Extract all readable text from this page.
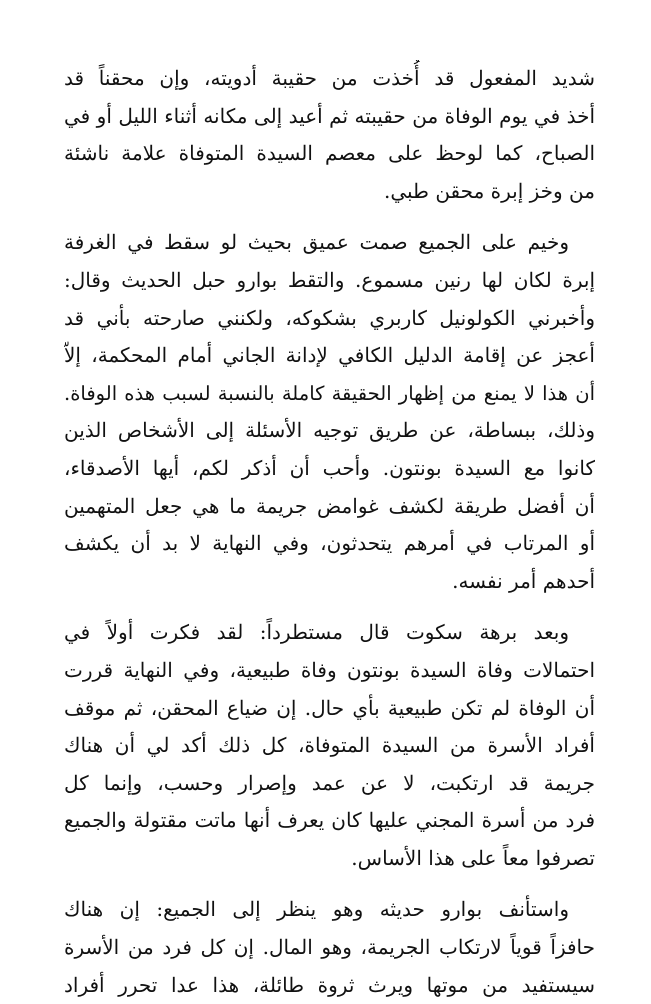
شديد المفعول قد أُخذت من حقيبة أدويته، وإن محقناً قد
أخذ في يوم الوفاة من حقيبته ثم أعيد إلى مكانه أثناء الليل أو في
الصباح، كما لوحظ على معصم السيدة المتوفاة علامة ناشئة
من وخز إبرة محقن طبي.

وخيم على الجميع صمت عميق بحيث لو سقط في الغرفة
إبرة لكان لها رنين مسموع. والتقط بوارو حبل الحديث وقال:
وأخبرني الكولونيل كاربري بشكوكه، ولكنني صارحته بأني قد
أعجز عن إقامة الدليل الكافي لإدانة الجاني أمام المحكمة، إلاّ
أن هذا لا يمنع من إظهار الحقيقة كاملة بالنسبة لسبب هذه الوفاة.
وذلك، ببساطة، عن طريق توجيه الأسئلة إلى الأشخاص الذين
كانوا مع السيدة بونتون. وأحب أن أذكر لكم، أيها الأصدقاء،
أن أفضل طريقة لكشف غوامض جريمة ما هي جعل المتهمين
أو المرتاب في أمرهم يتحدثون، وفي النهاية لا بد أن يكشف
أحدهم أمر نفسه.

وبعد برهة سكوت قال مستطرداً: لقد فكرت أولاً في
احتمالات وفاة السيدة بونتون وفاة طبيعية، وفي النهاية قررت
أن الوفاة لم تكن طبيعية بأي حال. إن ضياع المحقن، ثم موقف
أفراد الأسرة من السيدة المتوفاة، كل ذلك أكد لي أن هناك
جريمة قد ارتكبت، لا عن عمد وإصرار وحسب، وإنما كل
فرد من أسرة المجني عليها كان يعرف أنها ماتت مقتولة والجميع
تصرفوا معاً على هذا الأساس.

واستأنف بوارو حديثه وهو ينظر إلى الجميع: إن هناك
حافزاً قوياً لارتكاب الجريمة، وهو المال. إن كل فرد من الأسرة
سيستفيد من موتها ويرث ثروة طائلة، هذا عدا تحرر أفراد
